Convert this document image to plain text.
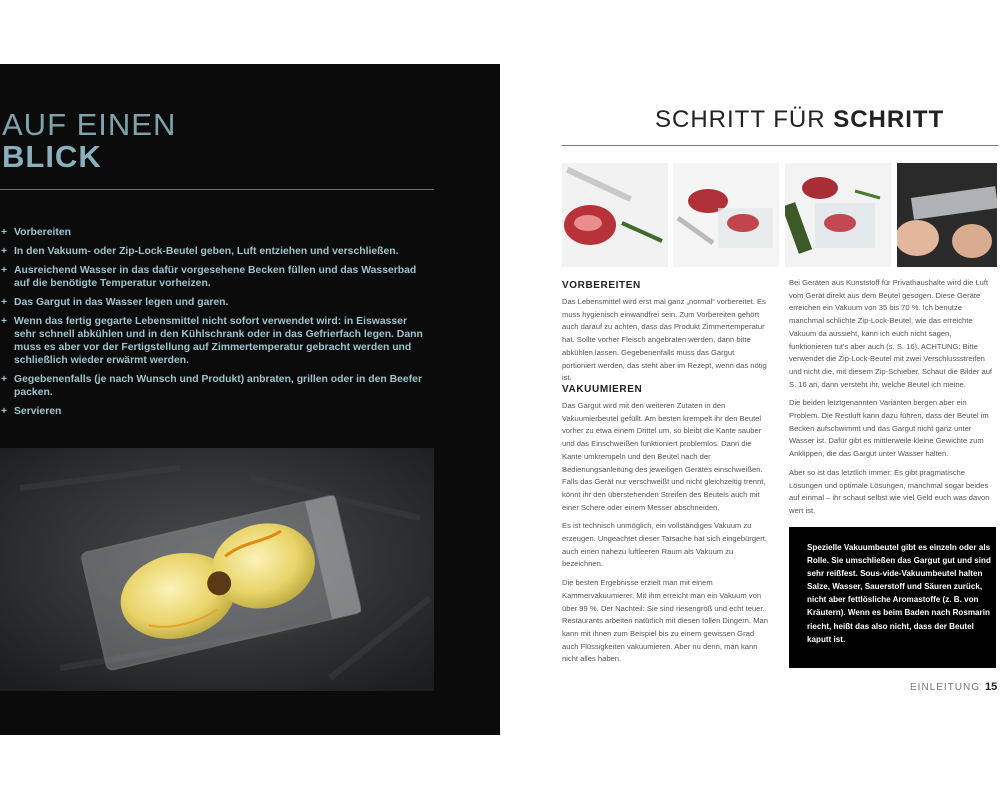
AUF EINEN
BLICK
+ Vorbereiten
+ In den Vakuum- oder Zip-Lock-Beutel geben, Luft entziehen und verschließen.
+ Ausreichend Wasser in das dafür vorgesehene Becken füllen und das Wasserbad auf die benötigte Temperatur vorheizen.
+ Das Gargut in das Wasser legen und garen.
+ Wenn das fertig gegarte Lebensmittel nicht sofort verwendet wird: in Eiswasser sehr schnell abkühlen und in den Kühlschrank oder in das Gefrierfach legen. Dann muss es aber vor der Fertigstellung auf Zimmertemperatur gebracht werden und schließlich wieder erwärmt werden.
+ Gegebenenfalls (je nach Wunsch und Produkt) anbraten, grillen oder in den Beefer packen.
+ Servieren
SCHRITT FÜR SCHRITT
VORBEREITEN

Das Lebensmittel wird erst mal ganz „normal“ vorbereitet. Es muss hygienisch einwandfrei sein. Zum Vorbereiten gehört auch darauf zu achten, dass das Produkt Zimmertemperatur hat. Sollte vorher Fleisch angebraten werden, dann bitte abkühlen lassen. Gegebenenfalls muss das Gargut portioniert werden, das steht aber im Rezept, wenn das nötig ist.

VAKUUMIEREN

Das Gargut wird mit den weiteren Zutaten in den Vakuumierbeutel gefüllt. Am besten krempelt ihr den Beutel vorher zu etwa einem Drittel um, so bleibt die Kante sauber und das Einschweißen funktioniert problemlos. Dann die Kante umkrempeln und den Beutel nach der Bedienungsanleitung des jeweiligen Gerätes einschweißen. Falls das Gerät nur verschweißt und nicht gleichzeitig trennt, könnt ihr den überstehenden Streifen des Beutels auch mit einer Schere oder einem Messer abschneiden.

Es ist technisch unmöglich, ein vollständiges Vakuum zu erzeugen. Ungeachtet dieser Tatsache hat sich eingebürgert, auch einen nahezu luftleeren Raum als Vakuum zu bezeichnen.

Die besten Ergebnisse erzielt man mit einem Kammervakuumierer. Mit ihm erreicht man ein Vakuum von über 99 %. Der Nachteil: Sie sind riesengroß und echt teuer. Restaurants arbeiten natürlich mit diesen tollen Dingern. Man kann mit ihnen zum Beispiel bis zu einem gewissen Grad auch Flüssigkeiten vakuumieren. Aber nu denn, man kann nicht alles haben.

Bei Geräten aus Kunststoff für Privathaushalte wird die Luft vom Gerät direkt aus dem Beutel gesogen. Diese Geräte erreichen ein Vakuum von 35 bis 70 %. Ich benutze manchmal schlichte Zip-Lock-Beutel, wie das erreichte Vakuum da aussieht, kann ich euch nicht sagen, funktionieren tut's aber auch (s. S. 16). ACHTUNG: Bitte verwendet die Zip-Lock-Beutel mit zwei Verschlussstreifen und nicht die, mit diesem Zip-Schieber. Schaut die Bilder auf S. 16 an, dann versteht ihr, welche Beutel ich meine.

Die beiden letztgenannten Varianten bergen aber ein Problem. Die Restluft kann dazu führen, dass der Beutel im Becken aufschwimmt und das Gargut nicht ganz unter Wasser ist. Dafür gibt es mittlerweile kleine Gewichte zum Anklippen, die das Gargut unter Wasser halten.

Aber so ist das letztlich immer: Es gibt pragmatische Lösungen und optimale Lösungen, manchmal sogar beides auf einmal – ihr schaut selbst wie viel Geld euch was davon wert ist.

Spezielle Vakuumbeutel gibt es einzeln oder als Rolle. Sie umschließen das Gargut gut und sind sehr reißfest. Sous-vide-Vakuumbeutel halten Salze, Wasser, Sauerstoff und Säuren zurück, nicht aber fettlösliche Aromastoffe (z. B. von Kräutern). Wenn es beim Baden nach Rosmarin riecht, heißt das also nicht, dass der Beutel kaputt ist.
EINLEITUNG 15
